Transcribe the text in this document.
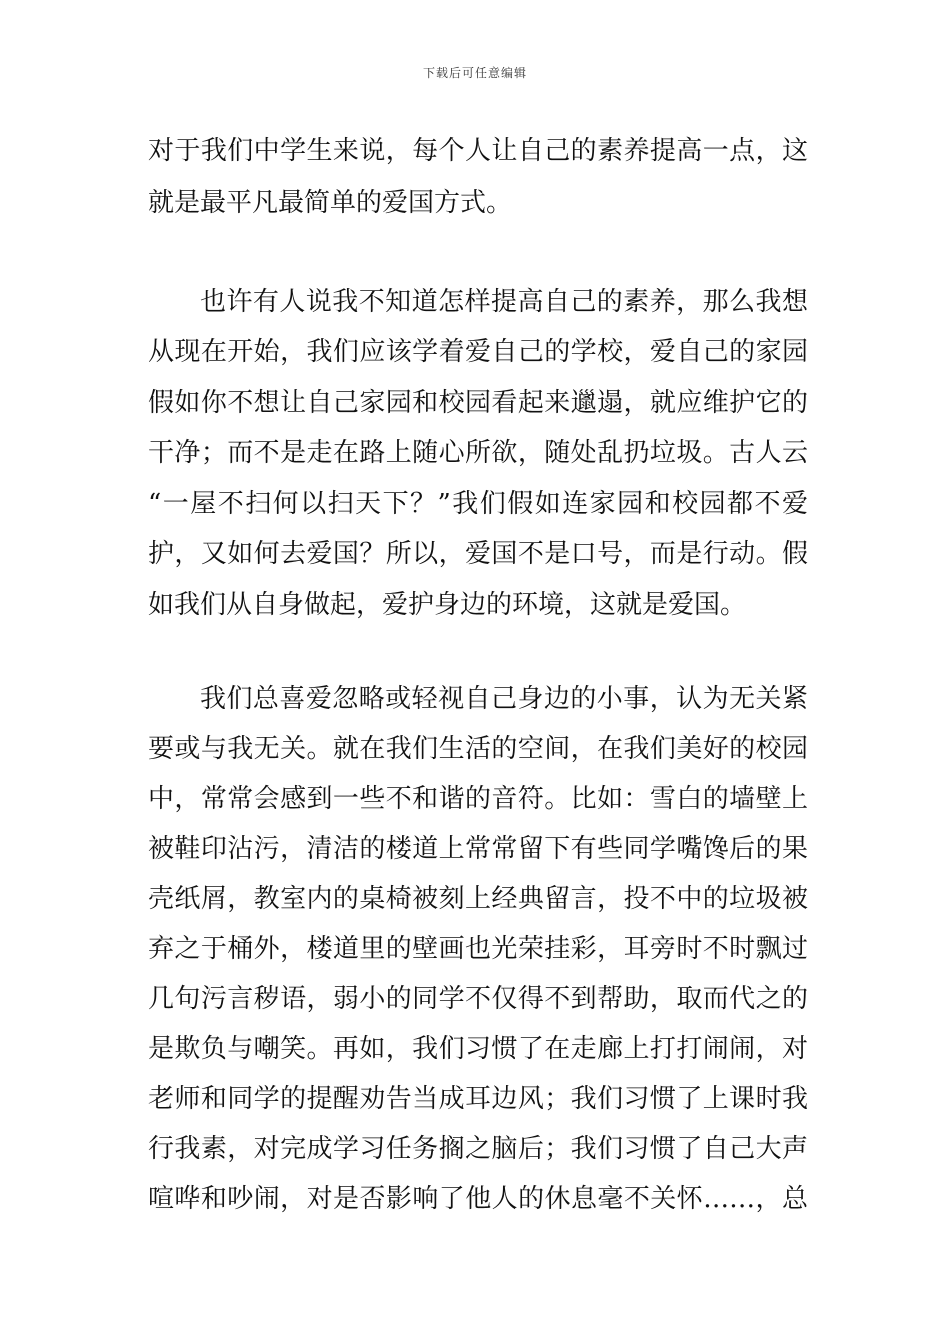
下载后可任意编辑
对于我们中学生来说，每个人让自己的素养提高一点，这
就是最平凡最简单的爱国方式。
也许有人说我不知道怎样提高自己的素养，那么我想
从现在开始，我们应该学着爱自己的学校，爱自己的家园
假如你不想让自己家园和校园看起来邋遢，就应维护它的
干净；而不是走在路上随心所欲，随处乱扔垃圾。古人云
“一屋不扫何以扫天下？”我们假如连家园和校园都不爱
护，又如何去爱国？所以，爱国不是口号，而是行动。假
如我们从自身做起，爱护身边的环境，这就是爱国。
我们总喜爱忽略或轻视自己身边的小事，认为无关紧
要或与我无关。就在我们生活的空间，在我们美好的校园
中，常常会感到一些不和谐的音符。比如：雪白的墙壁上
被鞋印沾污，清洁的楼道上常常留下有些同学嘴馋后的果
壳纸屑，教室内的桌椅被刻上经典留言，投不中的垃圾被
弃之于桶外，楼道里的壁画也光荣挂彩，耳旁时不时飘过
几句污言秽语，弱小的同学不仅得不到帮助，取而代之的
是欺负与嘲笑。再如，我们习惯了在走廊上打打闹闹，对
老师和同学的提醒劝告当成耳边风；我们习惯了上课时我
行我素，对完成学习任务搁之脑后；我们习惯了自己大声
喧哗和吵闹，对是否影响了他人的休息毫不关怀……，总
